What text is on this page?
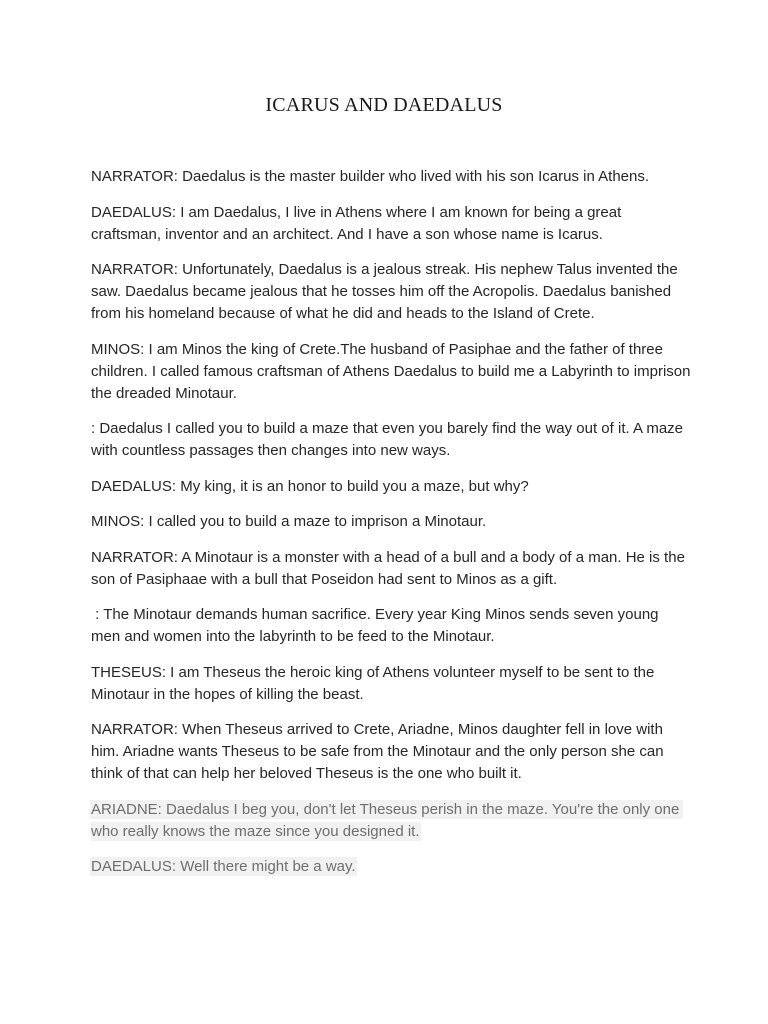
ICARUS AND DAEDALUS

NARRATOR: Daedalus is the master builder who lived with his son Icarus in Athens.

DAEDALUS: I am Daedalus, I live in Athens where I am known for being a great craftsman, inventor and an architect. And I have a son whose name is Icarus.

NARRATOR: Unfortunately, Daedalus is a jealous streak. His nephew Talus invented the saw. Daedalus became jealous that he tosses him off the Acropolis. Daedalus banished from his homeland because of what he did and heads to the Island of Crete.

MINOS: I am Minos the king of Crete.The husband of Pasiphae and the father of three children. I called famous craftsman of Athens Daedalus to build me a Labyrinth to imprison the dreaded Minotaur.

: Daedalus I called you to build a maze that even you barely find the way out of it. A maze with countless passages then changes into new ways.

DAEDALUS: My king, it is an honor to build you a maze, but why?

MINOS: I called you to build a maze to imprison a Minotaur.

NARRATOR: A Minotaur is a monster with a head of a bull and a body of a man. He is the son of Pasiphaae with a bull that Poseidon had sent to Minos as a gift.

: The Minotaur demands human sacrifice. Every year King Minos sends seven young men and women into the labyrinth to be feed to the Minotaur.

THESEUS: I am Theseus the heroic king of Athens volunteer myself to be sent to the Minotaur in the hopes of killing the beast.

NARRATOR: When Theseus arrived to Crete, Ariadne, Minos daughter fell in love with him. Ariadne wants Theseus to be safe from the Minotaur and the only person she can think of that can help her beloved Theseus is the one who built it.

ARIADNE: Daedalus I beg you, don't let Theseus perish in the maze. You're the only one who really knows the maze since you designed it.

DAEDALUS: Well there might be a way.
